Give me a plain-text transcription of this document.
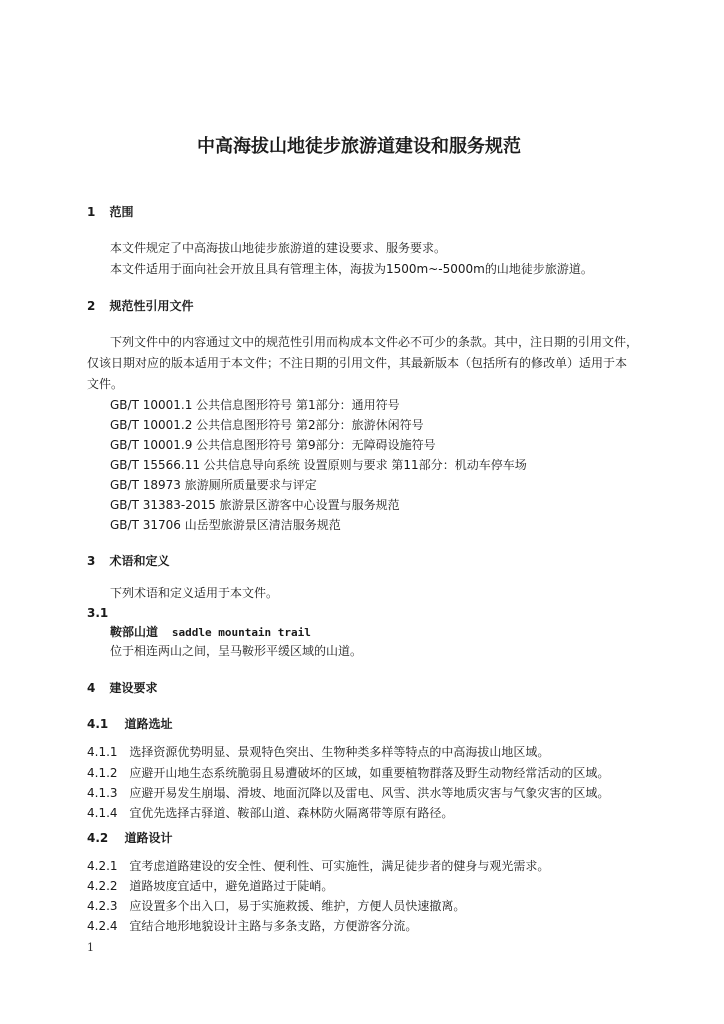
中高海拔山地徒步旅游道建设和服务规范
1 范围
本文件规定了中高海拔山地徒步旅游道的建设要求、服务要求。
本文件适用于面向社会开放且具有管理主体，海拔为1500m~-5000m的山地徒步旅游道。
2 规范性引用文件
下列文件中的内容通过文中的规范性引用而构成本文件必不可少的条款。其中，注日期的引用文件，
仅该日期对应的版本适用于本文件；不注日期的引用文件，其最新版本（包括所有的修改单）适用于本
文件。
GB/T 10001.1 公共信息图形符号 第1部分：通用符号
GB/T 10001.2 公共信息图形符号 第2部分：旅游休闲符号
GB/T 10001.9 公共信息图形符号 第9部分：无障碍设施符号
GB/T 15566.11 公共信息导向系统 设置原则与要求 第11部分：机动车停车场
GB/T 18973 旅游厕所质量要求与评定
GB/T 31383-2015 旅游景区游客中心设置与服务规范
GB/T 31706 山岳型旅游景区清洁服务规范
3 术语和定义
下列术语和定义适用于本文件。
3.1
鞍部山道 saddle mountain trail
位于相连两山之间，呈马鞍形平缓区域的山道。
4 建设要求
4.1 道路选址
4.1.1 选择资源优势明显、景观特色突出、生物种类多样等特点的中高海拔山地区域。
4.1.2 应避开山地生态系统脆弱且易遭破坏的区域，如重要植物群落及野生动物经常活动的区域。
4.1.3 应避开易发生崩塌、滑坡、地面沉降以及雷电、风雪、洪水等地质灾害与气象灾害的区域。
4.1.4 宜优先选择古驿道、鞍部山道、森林防火隔离带等原有路径。
4.2 道路设计
4.2.1 宜考虑道路建设的安全性、便利性、可实施性，满足徒步者的健身与观光需求。
4.2.2 道路坡度宜适中，避免道路过于陡峭。
4.2.3 应设置多个出入口，易于实施救援、维护，方便人员快速撤离。
4.2.4 宜结合地形地貌设计主路与多条支路，方便游客分流。
1
